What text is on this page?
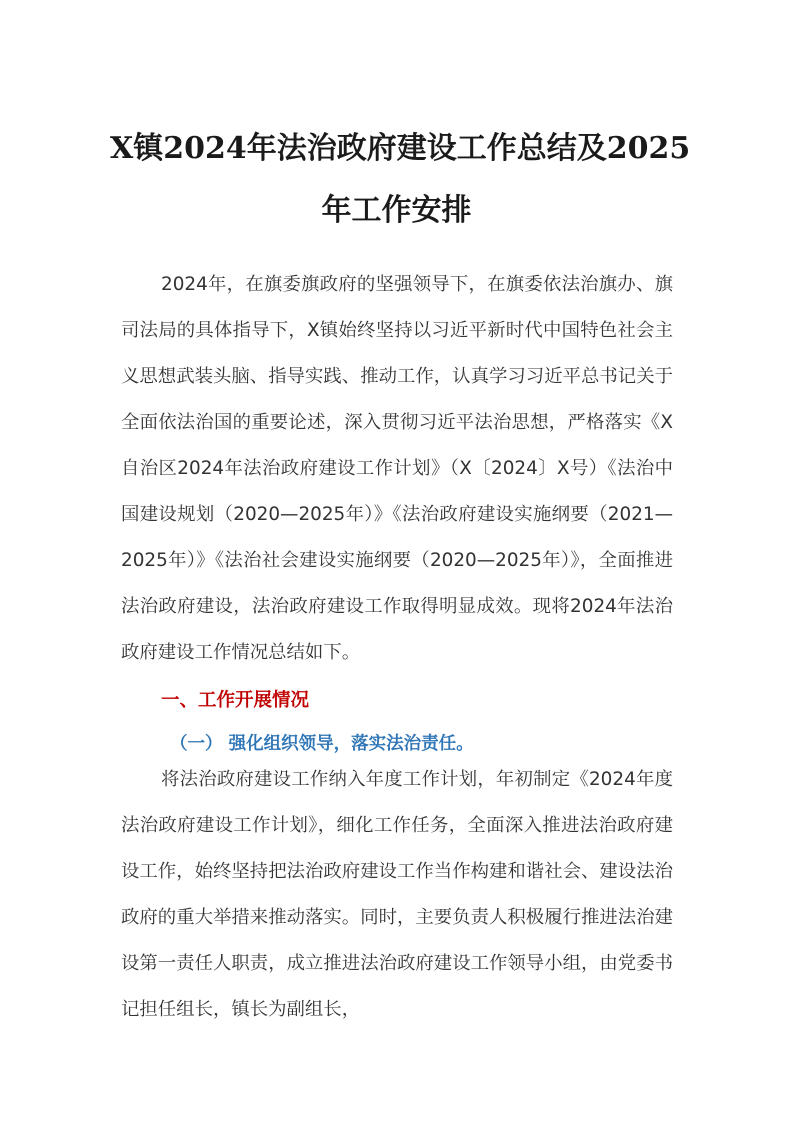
X镇2024年法治政府建设工作总结及2025
年工作安排

2024年，在旗委旗政府的坚强领导下，在旗委依法治旗办、旗司法局的具体指导下，X镇始终坚持以习近平新时代中国特色社会主义思想武装头脑、指导实践、推动工作，认真学习习近平总书记关于全面依法治国的重要论述，深入贯彻习近平法治思想，严格落实《X自治区2024年法治政府建设工作计划》（X〔2024〕X号）《法治中国建设规划（2020—2025年）》《法治政府建设实施纲要（2021—2025年）》《法治社会建设实施纲要（2020—2025年）》，全面推进法治政府建设，法治政府建设工作取得明显成效。现将2024年法治政府建设工作情况总结如下。

一、工作开展情况
（一） 强化组织领导，落实法治责任。

将法治政府建设工作纳入年度工作计划，年初制定《2024年度法治政府建设工作计划》，细化工作任务，全面深入推进法治政府建设工作，始终坚持把法治政府建设工作当作构建和谐社会、建设法治政府的重大举措来推动落实。同时，主要负责人积极履行推进法治建设第一责任人职责，成立推进法治政府建设工作领导小组，由党委书记担任组长，镇长为副组长，
